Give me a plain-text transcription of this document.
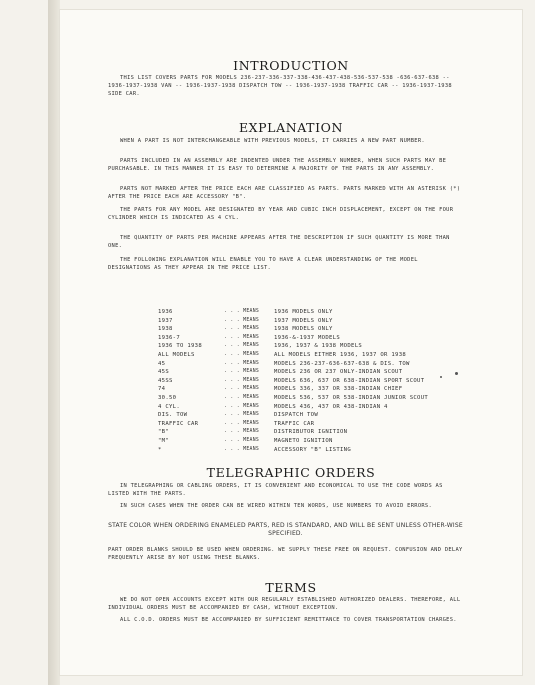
INTRODUCTION
THIS LIST COVERS PARTS FOR MODELS 236-237-336-337-338-436-437-438-536-537-538 -636-637-638 -- 1936-1937-1938 VAN -- 1936-1937-1938 DISPATCH TOW -- 1936-1937-1938 TRAFFIC CAR -- 1936-1937-1938 SIDE CAR.
EXPLANATION
WHEN A PART IS NOT INTERCHANGEABLE WITH PREVIOUS MODELS, IT CARRIES A NEW PART NUMBER.
PARTS INCLUDED IN AN ASSEMBLY ARE INDENTED UNDER THE ASSEMBLY NUMBER, WHEN SUCH PARTS MAY BE PURCHASABLE. IN THIS MANNER IT IS EASY TO DETERMINE A MAJORITY OF THE PARTS IN ANY ASSEMBLY.
PARTS NOT MARKED AFTER THE PRICE EACH ARE CLASSIFIED AS PARTS. PARTS MARKED WITH AN ASTERISK (*) AFTER THE PRICE EACH ARE ACCESSORY "B".
THE PARTS FOR ANY MODEL ARE DESIGNATED BY YEAR AND CUBIC INCH DISPLACEMENT, EXCEPT ON THE FOUR CYLINDER WHICH IS INDICATED AS 4 CYL.
THE QUANTITY OF PARTS PER MACHINE APPEARS AFTER THE DESCRIPTION IF SUCH QUANTITY IS MORE THAN ONE.
THE FOLLOWING EXPLANATION WILL ENABLE YOU TO HAVE A CLEAR UNDERSTANDING OF THE MODEL DESIGNATIONS AS THEY APPEAR IN THE PRICE LIST.
1936	. . . MEANS	1936 MODELS ONLY
1937	. . . MEANS	1937 MODELS ONLY
1938	. . . MEANS	1938 MODELS ONLY
1936-7	. . . MEANS	1936-&-1937 MODELS
1936 TO 1938	. . . MEANS	1936, 1937 & 1938 MODELS
ALL MODELS	. . . MEANS	ALL MODELS EITHER 1936, 1937 OR 1938
45	. . . MEANS	MODELS 236-237-636-637-638 & DIS. TOW
45S	. . . MEANS	MODELS 236 OR 237 ONLY-INDIAN SCOUT
45SS	. . . MEANS	MODELS 636, 637 OR 638-INDIAN SPORT SCOUT
74	. . . MEANS	MODELS 336, 337 OR 338-INDIAN CHIEF
30.50	. . . MEANS	MODELS 536, 537 OR 538-INDIAN JUNIOR SCOUT
4 CYL.	. . . MEANS	MODELS 436, 437 OR 438-INDIAN 4
DIS. TOW	. . . MEANS	DISPATCH TOW
TRAFFIC CAR	. . . MEANS	TRAFFIC CAR
"B"	. . . MEANS	DISTRIBUTOR IGNITION
"M"	. . . MEANS	MAGNETO IGNITION
*	. . . MEANS	ACCESSORY "B" LISTING
TELEGRAPHIC ORDERS
IN TELEGRAPHING OR CABLING ORDERS, IT IS CONVENIENT AND ECONOMICAL TO USE THE CODE WORDS AS LISTED WITH THE PARTS.
IN SUCH CASES WHEN THE ORDER CAN BE WIRED WITHIN TEN WORDS, USE NUMBERS TO AVOID ERRORS.
STATE COLOR WHEN ORDERING ENAMELED PARTS, RED IS STANDARD, AND WILL BE SENT UNLESS OTHER-WISE SPECIFIED.
PART ORDER BLANKS SHOULD BE USED WHEN ORDERING. WE SUPPLY THESE FREE ON REQUEST. CONFUSION AND DELAY FREQUENTLY ARISE BY NOT USING THESE BLANKS.
TERMS
WE DO NOT OPEN ACCOUNTS EXCEPT WITH OUR REGULARLY ESTABLISHED AUTHORIZED DEALERS. THEREFORE, ALL INDIVIDUAL ORDERS MUST BE ACCOMPANIED BY CASH, WITHOUT EXCEPTION.
ALL C.O.D. ORDERS MUST BE ACCOMPANIED BY SUFFICIENT REMITTANCE TO COVER TRANSPORTATION CHARGES.
